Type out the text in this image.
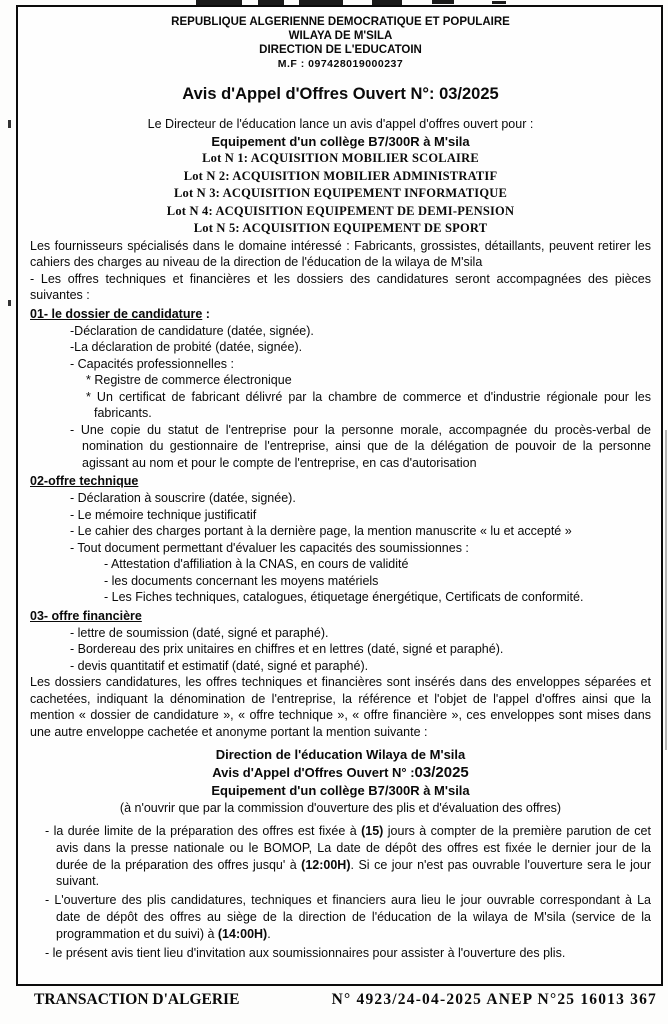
REPUBLIQUE ALGERIENNE DEMOCRATIQUE ET POPULAIRE

WILAYA DE M'SILA

DIRECTION DE L'EDUCATOIN

M.F : 097428019000237

Avis d'Appel d'Offres Ouvert N°: 03/2025

Le Directeur de l'éducation lance un avis d'appel d'offres ouvert pour :

Equipement d'un collège B7/300R à M'sila

Lot N 1: ACQUISITION MOBILIER SCOLAIRE

Lot N 2: ACQUISITION MOBILIER ADMINISTRATIF

Lot N 3: ACQUISITION EQUIPEMENT INFORMATIQUE

Lot N 4: ACQUISITION EQUIPEMENT DE DEMI-PENSION

Lot N 5: ACQUISITION EQUIPEMENT DE SPORT

Les fournisseurs spécialisés dans le domaine intéressé : Fabricants, grossistes, détaillants, peuvent retirer les cahiers des charges au niveau de la direction de l'éducation de la wilaya de M'sila

- Les offres techniques et financières et les dossiers des candidatures seront accompagnées des pièces suivantes :

01- le dossier de candidature :

-Déclaration de candidature (datée, signée).

-La déclaration de probité (datée, signée).

- Capacités professionnelles :

* Registre de commerce électronique

* Un certificat de fabricant délivré par la chambre de commerce et d'industrie régionale pour les fabricants.

- Une copie du statut de l'entreprise pour la personne morale, accompagnée du procès-verbal de nomination du gestionnaire de l'entreprise, ainsi que de la délégation de pouvoir de la personne agissant au nom et pour le compte de l'entreprise, en cas d'autorisation

02-offre technique

- Déclaration à souscrire (datée, signée).

- Le mémoire technique justificatif

- Le cahier des charges portant à la dernière page, la mention manuscrite « lu et accepté »

- Tout document permettant d'évaluer les capacités des soumissionnes :

- Attestation d'affiliation à la CNAS, en cours de validité

- les documents concernant les moyens matériels

- Les Fiches techniques, catalogues, étiquetage énergétique, Certificats de conformité.

03- offre financière

- lettre de soumission (daté, signé et paraphé).

- Bordereau des prix unitaires en chiffres et en lettres (daté, signé et paraphé).

- devis quantitatif et estimatif (daté, signé et paraphé).

Les dossiers candidatures, les offres techniques et financières sont insérés dans des enveloppes séparées et cachetées, indiquant la dénomination de l'entreprise, la référence et l'objet de l'appel d'offres ainsi que la mention « dossier de candidature », « offre technique », « offre financière », ces enveloppes sont mises dans une autre enveloppe cachetée et anonyme portant la mention suivante :

Direction de l'éducation Wilaya de M'sila

Avis d'Appel d'Offres Ouvert N° :03/2025

Equipement d'un collège B7/300R à M'sila

(à n'ouvrir que par la commission d'ouverture des plis et d'évaluation des offres)

- la durée limite de la préparation des offres est fixée à (15) jours à compter de la première parution de cet avis dans la presse nationale ou le BOMOP, La date de dépôt des offres est fixée le dernier jour de la durée de la préparation des offres jusqu' à (12:00H). Si ce jour n'est pas ouvrable l'ouverture sera le jour suivant.

- L'ouverture des plis candidatures, techniques et financiers aura lieu le jour ouvrable correspondant à La date de dépôt des offres au siège de la direction de l'éducation de la wilaya de M'sila (service de la programmation et du suivi) à (14:00H).

- le présent avis tient lieu d'invitation aux soumissionnaires pour assister à l'ouverture des plis.

TRANSACTION D'ALGERIE	N° 4923/24-04-2025 ANEP N°25 16013 367
